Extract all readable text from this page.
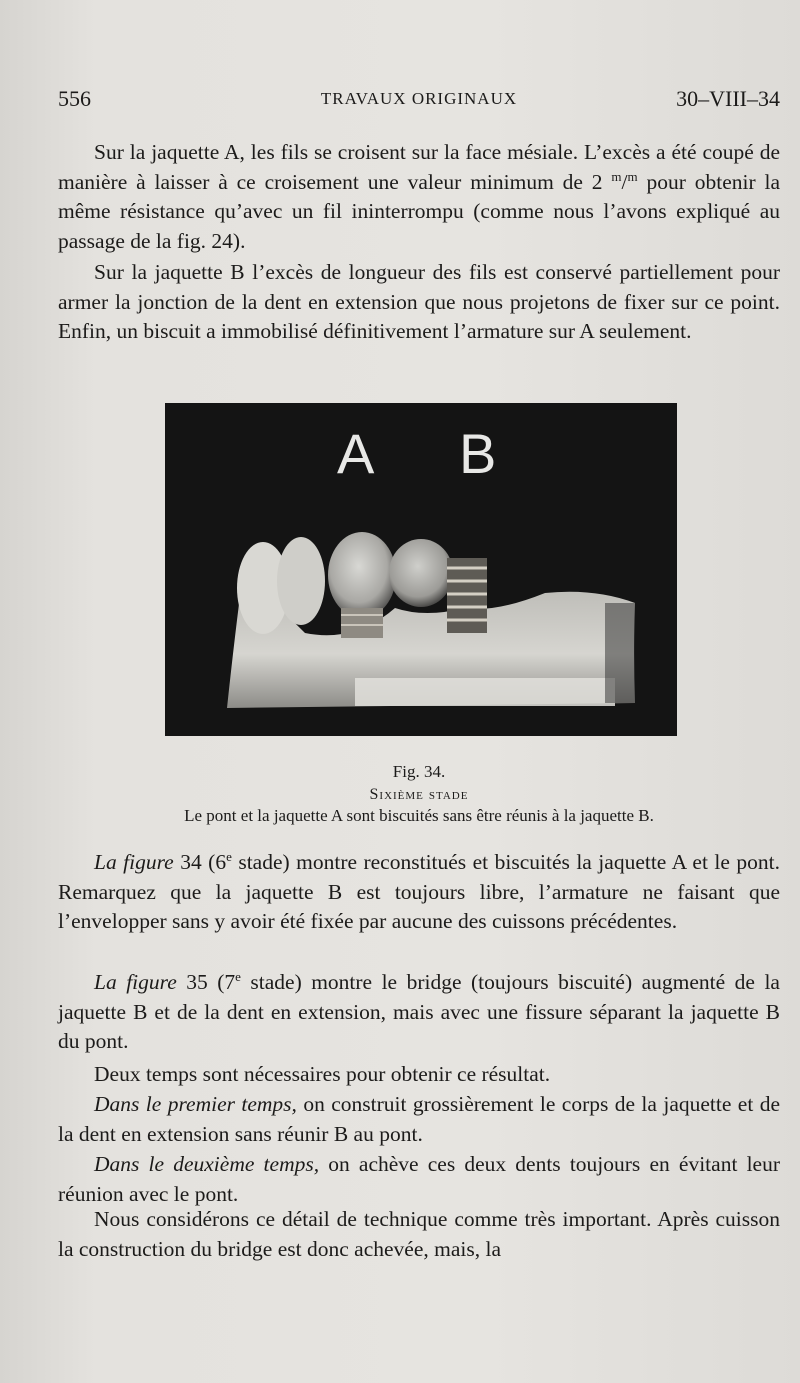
556	TRAVAUX ORIGINAUX	30–VIII–34

Sur la jaquette A, les fils se croisent sur la face mésiale. L’excès a été coupé de manière à laisser à ce croisement une valeur minimum de 2 $^m$/$^m$ pour obtenir la même résistance qu’avec un fil ininterrompu (comme nous l’avons expliqué au passage de la fig. 24).

Sur la jaquette B l’excès de longueur des fils est conservé partiellement pour armer la jonction de la dent en extension que nous projetons de fixer sur ce point. Enfin, un biscuit a immobilisé définitivement l’armature sur A seulement.

A B
Fig. 34.
Sixième stade
Le pont et la jaquette A sont biscuités sans être réunis à la jaquette B.

La figure 34 (6e stade) montre reconstitués et biscuités la jaquette A et le pont. Remarquez que la jaquette B est toujours libre, l’armature ne faisant que l’envelopper sans y avoir été fixée par aucune des cuissons précédentes.

La figure 35 (7e stade) montre le bridge (toujours biscuité) augmenté de la jaquette B et de la dent en extension, mais avec une fissure séparant la jaquette B du pont.

Deux temps sont nécessaires pour obtenir ce résultat.

Dans le premier temps, on construit grossièrement le corps de la jaquette et de la dent en extension sans réunir B au pont.

Dans le deuxième temps, on achève ces deux dents toujours en évitant leur réunion avec le pont.

Nous considérons ce détail de technique comme très important. Après cuisson la construction du bridge est donc achevée, mais, la
